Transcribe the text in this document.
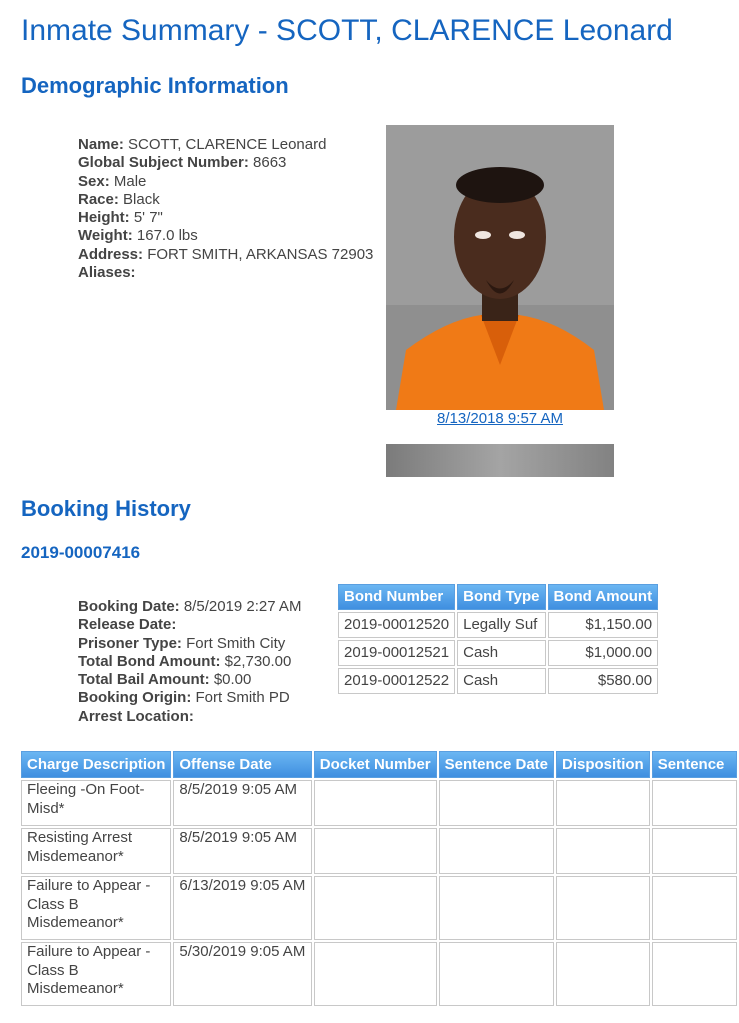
Inmate Summary - SCOTT, CLARENCE Leonard
Demographic Information
Name: SCOTT, CLARENCE Leonard
Global Subject Number: 8663
Sex: Male
Race: Black
Height: 5' 7"
Weight: 167.0 lbs
Address: FORT SMITH, ARKANSAS 72903
Aliases:
8/13/2018 9:57 AM
Booking History
2019-00007416
Booking Date: 8/5/2019 2:27 AM
Release Date:
Prisoner Type: Fort Smith City
Total Bond Amount: $2,730.00
Total Bail Amount: $0.00
Booking Origin: Fort Smith PD
Arrest Location:
Bond Number	Bond Type	Bond Amount
2019-00012520	Legally Suf	$1,150.00
2019-00012521	Cash	$1,000.00
2019-00012522	Cash	$580.00
Charge Description	Offense Date	Docket Number	Sentence Date	Disposition	Sentence
Fleeing -On Foot-Misd*	8/5/2019 9:05 AM				
Resisting Arrest Misdemeanor*	8/5/2019 9:05 AM				
Failure to Appear - Class B Misdemeanor*	6/13/2019 9:05 AM				
Failure to Appear - Class B Misdemeanor*	5/30/2019 9:05 AM				
